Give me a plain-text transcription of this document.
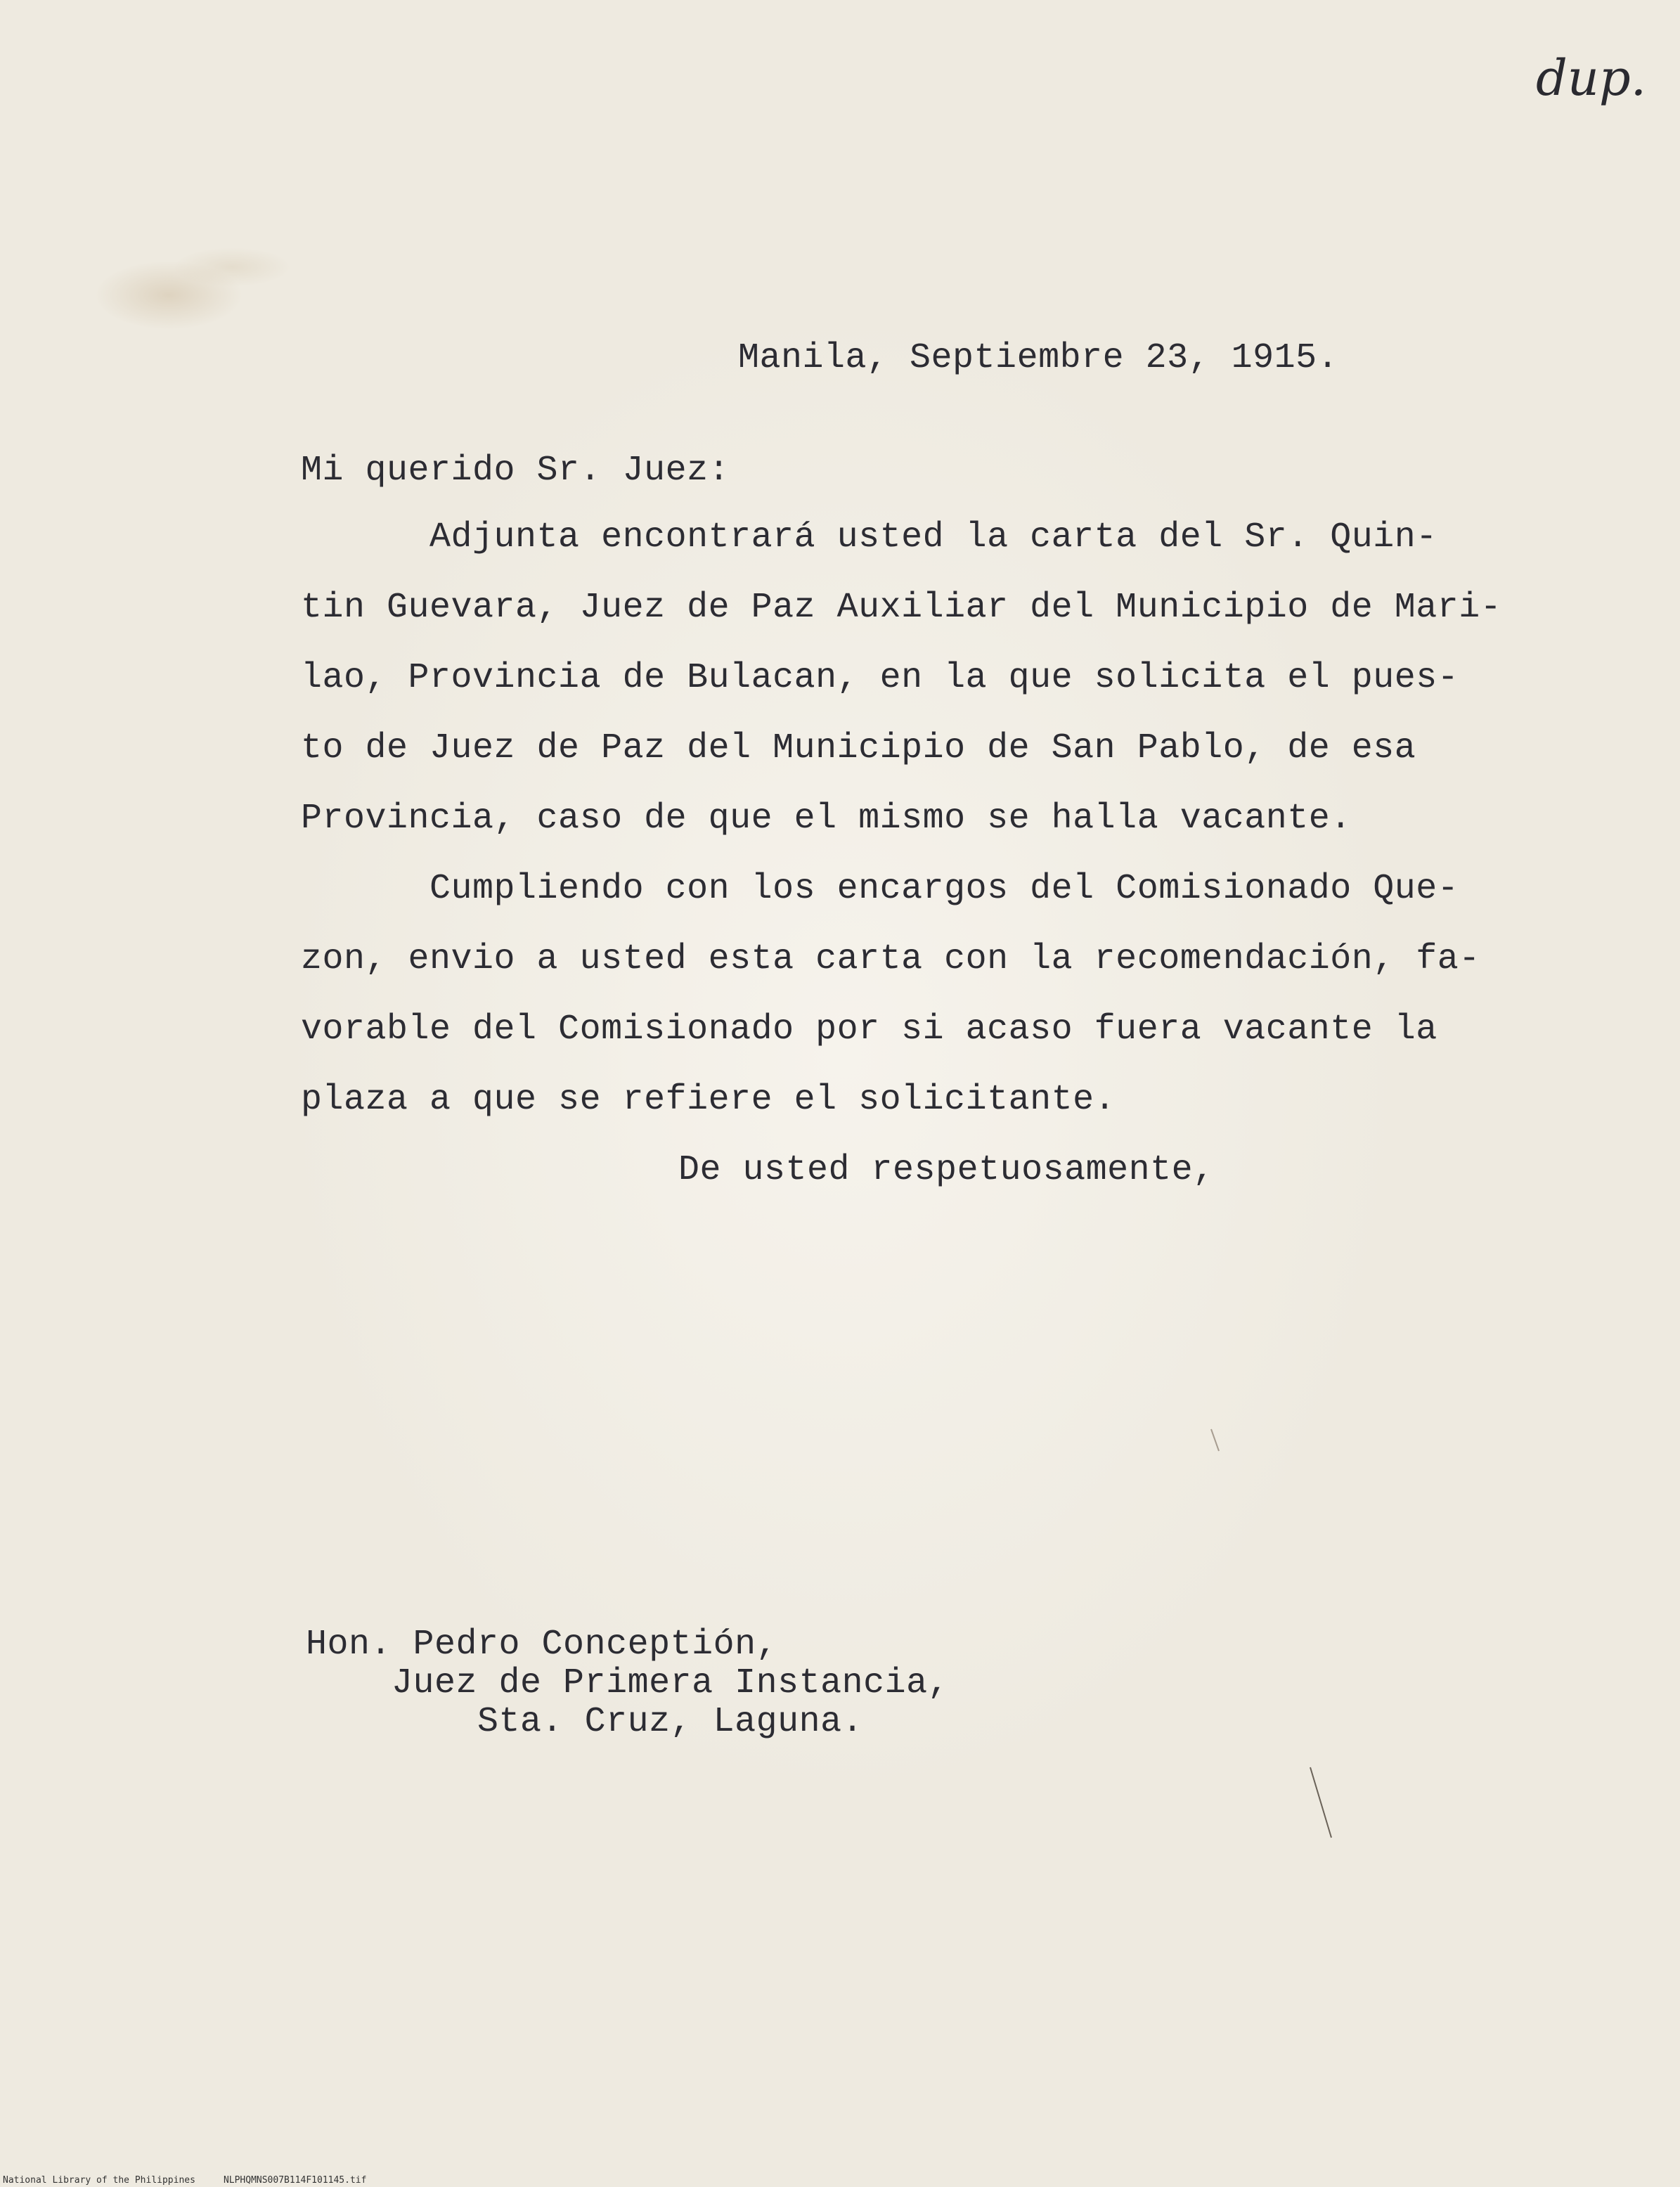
dup.

Manila, Septiembre 23, 1915.

Mi querido Sr. Juez:

Adjunta encontrará usted la carta del Sr. Quin-

tin Guevara, Juez de Paz Auxiliar del Municipio de Mari-

lao, Provincia de Bulacan, en la que solicita el pues-

to de Juez de Paz del Municipio de San Pablo, de esa

Provincia, caso de que el mismo se halla vacante.

Cumpliendo con los encargos del Comisionado Que-

zon, envio a usted esta carta con la recomendación, fa-

vorable del Comisionado por si acaso fuera vacante la

plaza a que se refiere el solicitante.

De usted respetuosamente,

Hon. Pedro Conceptión,

Juez de Primera Instancia,

Sta. Cruz, Laguna.

National Library of the Philippines	NLPHQMNS007B114F101145.tif
